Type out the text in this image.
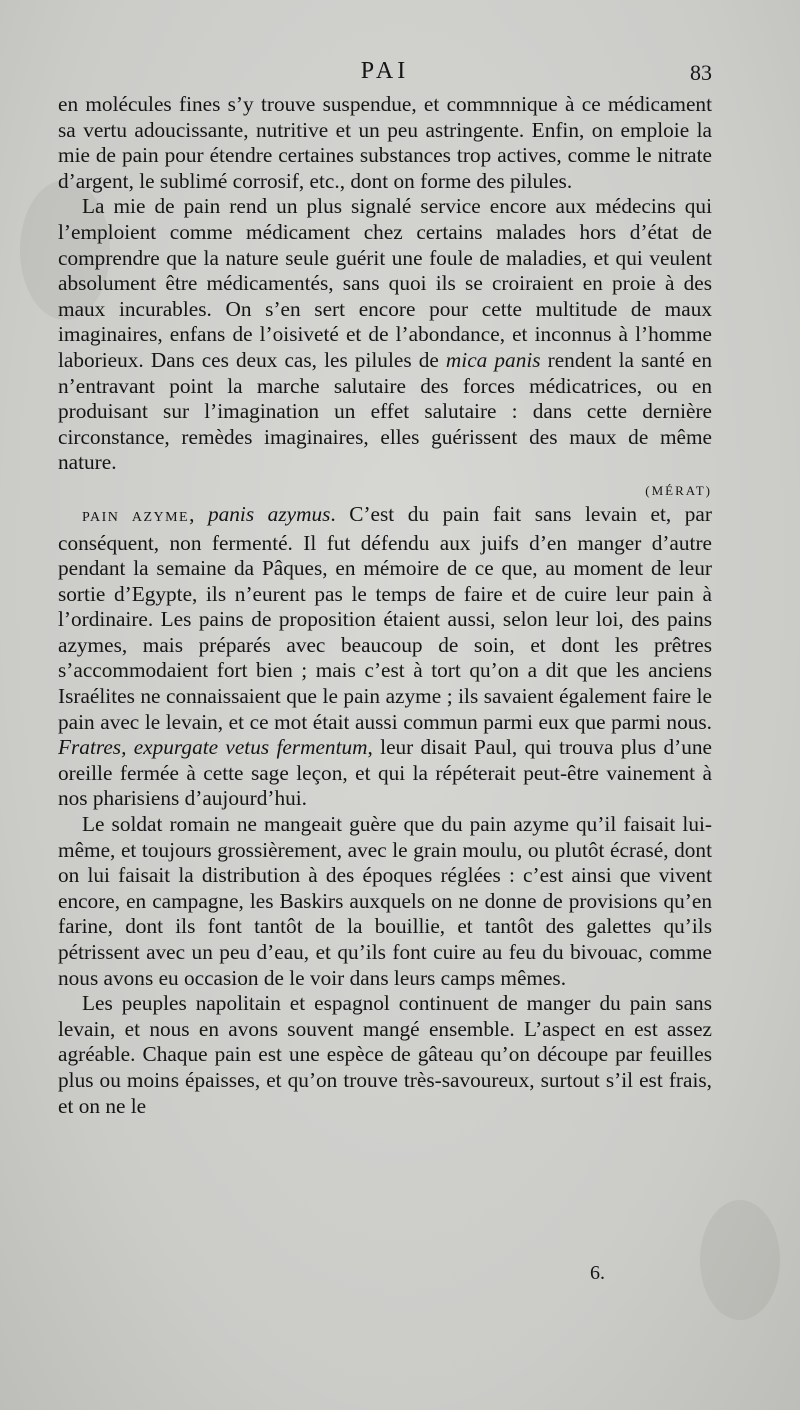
PAI	83

en molécules fines s’y trouve suspendue, et commnnique à ce médicament sa vertu adoucissante, nutritive et un peu astringente. Enfin, on emploie la mie de pain pour étendre certaines substances trop actives, comme le nitrate d’argent, le sublimé corrosif, etc., dont on forme des pilules.

La mie de pain rend un plus signalé service encore aux médecins qui l’emploient comme médicament chez certains malades hors d’état de comprendre que la nature seule guérit une foule de maladies, et qui veulent absolument être médicamentés, sans quoi ils se croiraient en proie à des maux incurables. On s’en sert encore pour cette multitude de maux imaginaires, enfans de l’oisiveté et de l’abondance, et inconnus à l’homme laborieux. Dans ces deux cas, les pilules de mica panis rendent la santé en n’entravant point la marche salutaire des forces médicatrices, ou en produisant sur l’imagination un effet salutaire : dans cette dernière circonstance, remèdes imaginaires, elles guérissent des maux de même nature.

(MÉRAT)

PAIN AZYME, panis azymus. C’est du pain fait sans levain et, par conséquent, non fermenté. Il fut défendu aux juifs d’en manger d’autre pendant la semaine da Pâques, en mémoire de ce que, au moment de leur sortie d’Egypte, ils n’eurent pas le temps de faire et de cuire leur pain à l’ordinaire. Les pains de proposition étaient aussi, selon leur loi, des pains azymes, mais préparés avec beaucoup de soin, et dont les prêtres s’accommodaient fort bien ; mais c’est à tort qu’on a dit que les anciens Israélites ne connaissaient que le pain azyme ; ils savaient également faire le pain avec le levain, et ce mot était aussi commun parmi eux que parmi nous. Fratres, expurgate vetus fermentum, leur disait Paul, qui trouva plus d’une oreille fermée à cette sage leçon, et qui la répéterait peut-être vainement à nos pharisiens d’aujourd’hui.

Le soldat romain ne mangeait guère que du pain azyme qu’il faisait lui-même, et toujours grossièrement, avec le grain moulu, ou plutôt écrasé, dont on lui faisait la distribution à des époques réglées : c’est ainsi que vivent encore, en campagne, les Baskirs auxquels on ne donne de provisions qu’en farine, dont ils font tantôt de la bouillie, et tantôt des galettes qu’ils pétrissent avec un peu d’eau, et qu’ils font cuire au feu du bivouac, comme nous avons eu occasion de le voir dans leurs camps mêmes.

Les peuples napolitain et espagnol continuent de manger du pain sans levain, et nous en avons souvent mangé ensemble. L’aspect en est assez agréable. Chaque pain est une espèce de gâteau qu’on découpe par feuilles plus ou moins épaisses, et qu’on trouve très-savoureux, surtout s’il est frais, et on ne le

6.
